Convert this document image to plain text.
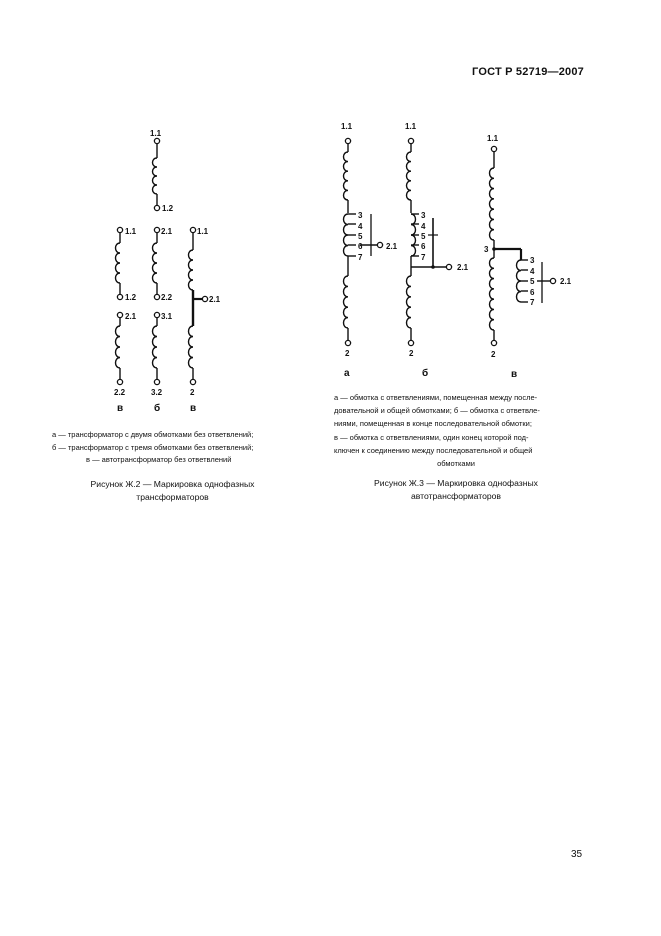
ГОСТ Р 52719—2007
1.1
1.2
1.1
1.2
2.1
2.2
2.1
2.2
3.1
3.2
1.1
2.1
2
в	б	в
1.1
3
4
5
6
7
2.1
2
1.1
3
4
5
6
7
2.1
2
1.1
3
3
4
5
6
7
2.1
2
а	б	в

а — трансформатор с двумя обмотками без ответвлений;

б — трансформатор с тремя обмотками без ответвлений;

в — автотрансформатор без ответвлений

Рисунок Ж.2 — Маркировка однофазных
трансформаторов

а — обмотка с ответвлениями, помещенная между после-

довательной и общей обмотками; б — обмотка с ответвле-

ниями, помещенная в конце последовательной обмотки;

в — обмотка с ответвлениями, один конец которой под-

ключен к соединению между последовательной и общей

обмотками

Рисунок Ж.3 — Маркировка однофазных
автотрансформаторов
35
